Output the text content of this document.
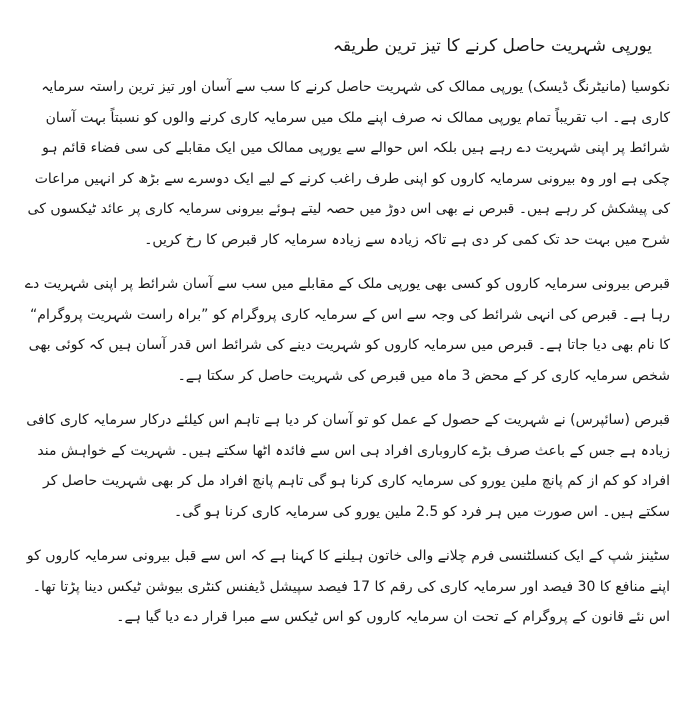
یورپی شہریت حاصل کرنے کا تیز ترین طریقہ

نکوسیا (مانیٹرنگ ڈیسک) یورپی ممالک کی شہریت حاصل کرنے کا سب سے آسان اور تیز ترین راستہ سرمایہ کاری ہے۔ اب تقریباً تمام یورپی ممالک نہ صرف اپنے ملک میں سرمایہ کاری کرنے والوں کو نسبتاً بہت آسان شرائط پر اپنی شہریت دے رہے ہیں بلکہ اس حوالے سے یورپی ممالک میں ایک مقابلے کی سی فضاء قائم ہو چکی ہے اور وہ بیرونی سرمایہ کاروں کو اپنی طرف راغب کرنے کے لیے ایک دوسرے سے بڑھ کر انہیں مراعات کی پیشکش کر رہے ہیں۔ قبرص نے بھی اس دوڑ میں حصہ لیتے ہوئے بیرونی سرمایہ کاری پر عائد ٹیکسوں کی شرح میں بہت حد تک کمی کر دی ہے تاکہ زیادہ سے زیادہ سرمایہ کار قبرص کا رخ کریں۔

قبرص بیرونی سرمایہ کاروں کو کسی بھی یورپی ملک کے مقابلے میں سب سے آسان شرائط پر اپنی شہریت دے رہا ہے۔ قبرص کی انہی شرائط کی وجہ سے اس کے سرمایہ کاری پروگرام کو ”براہ راست شہریت پروگرام“ کا نام بھی دیا جاتا ہے۔ قبرص میں سرمایہ کاروں کو شہریت دینے کی شرائط اس قدر آسان ہیں کہ کوئی بھی شخص سرمایہ کاری کر کے محض 3 ماہ میں قبرص کی شہریت حاصل کر سکتا ہے۔

قبرص (سائپرس) نے شہریت کے حصول کے عمل کو تو آسان کر دیا ہے تاہم اس کیلئے درکار سرمایہ کاری کافی زیادہ ہے جس کے باعث صرف بڑے کاروباری افراد ہی اس سے فائدہ اٹھا سکتے ہیں۔ شہریت کے خواہش مند افراد کو کم از کم پانچ ملین یورو کی سرمایہ کاری کرنا ہو گی تاہم پانچ افراد مل کر بھی شہریت حاصل کر سکتے ہیں۔ اس صورت میں ہر فرد کو 2.5 ملین یورو کی سرمایہ کاری کرنا ہو گی۔

سٹینز شپ کے ایک کنسلٹنسی فرم چلانے والی خاتون ہیلنے کا کہنا ہے کہ اس سے قبل بیرونی سرمایہ کاروں کو اپنے منافع کا 30 فیصد اور سرمایہ کاری کی رقم کا 17 فیصد سپیشل ڈیفنس کنٹری بیوشن ٹیکس دینا پڑتا تھا۔ اس نئے قانون کے پروگرام کے تحت ان سرمایہ کاروں کو اس ٹیکس سے مبرا قرار دے دیا گیا ہے۔
